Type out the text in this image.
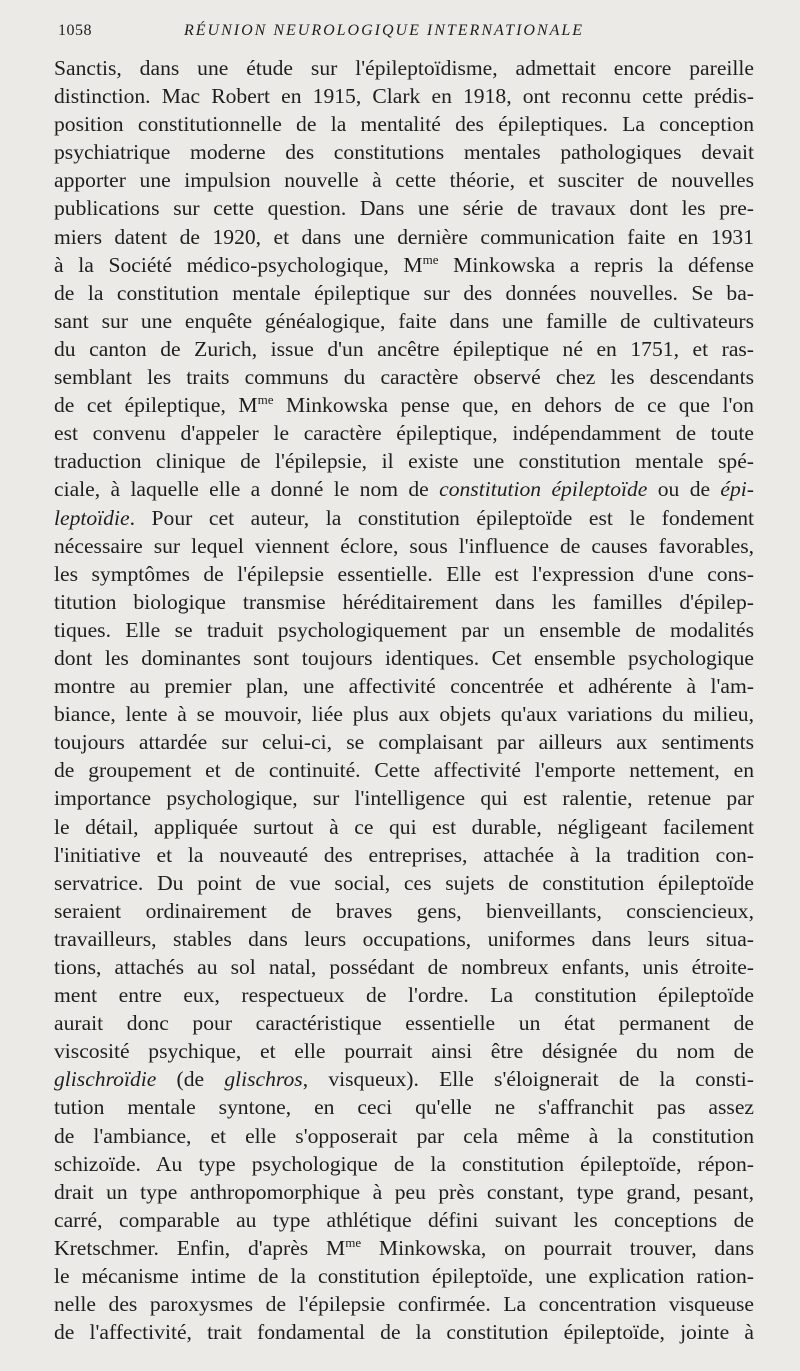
1058	RÉUNION NEUROLOGIQUE INTERNATIONALE
Sanctis, dans une étude sur l'épileptoïdisme, admettait encore pareille
distinction. Mac Robert en 1915, Clark en 1918, ont reconnu cette prédis-
position constitutionnelle de la mentalité des épileptiques. La conception
psychiatrique moderne des constitutions mentales pathologiques devait
apporter une impulsion nouvelle à cette théorie, et susciter de nouvelles
publications sur cette question. Dans une série de travaux dont les pre-
miers datent de 1920, et dans une dernière communication faite en 1931
à la Société médico-psychologique, $M^{me}$ Minkowska a repris la défense
de la constitution mentale épileptique sur des données nouvelles. Se ba-
sant sur une enquête généalogique, faite dans une famille de cultivateurs
du canton de Zurich, issue d'un ancêtre épileptique né en 1751, et ras-
semblant les traits communs du caractère observé chez les descendants
de cet épileptique, $M^{me}$ Minkowska pense que, en dehors de ce que l'on
est convenu d'appeler le caractère épileptique, indépendamment de toute
traduction clinique de l'épilepsie, il existe une constitution mentale spé-
ciale, à laquelle elle a donné le nom de constitution épileptoïde ou de épi-
leptoïdie. Pour cet auteur, la constitution épileptoïde est le fondement
nécessaire sur lequel viennent éclore, sous l'influence de causes favorables,
les symptômes de l'épilepsie essentielle. Elle est l'expression d'une cons-
titution biologique transmise héréditairement dans les familles d'épilep-
tiques. Elle se traduit psychologiquement par un ensemble de modalités
dont les dominantes sont toujours identiques. Cet ensemble psychologique
montre au premier plan, une affectivité concentrée et adhérente à l'am-
biance, lente à se mouvoir, liée plus aux objets qu'aux variations du milieu,
toujours attardée sur celui-ci, se complaisant par ailleurs aux sentiments
de groupement et de continuité. Cette affectivité l'emporte nettement, en
importance psychologique, sur l'intelligence qui est ralentie, retenue par
le détail, appliquée surtout à ce qui est durable, négligeant facilement
l'initiative et la nouveauté des entreprises, attachée à la tradition con-
servatrice. Du point de vue social, ces sujets de constitution épileptoïde
seraient ordinairement de braves gens, bienveillants, consciencieux,
travailleurs, stables dans leurs occupations, uniformes dans leurs situa-
tions, attachés au sol natal, possédant de nombreux enfants, unis étroite-
ment entre eux, respectueux de l'ordre. La constitution épileptoïde
aurait donc pour caractéristique essentielle un état permanent de
viscosité psychique, et elle pourrait ainsi être désignée du nom de
glischroïdie (de glischros, visqueux). Elle s'éloignerait de la consti-
tution mentale syntone, en ceci qu'elle ne s'affranchit pas assez
de l'ambiance, et elle s'opposerait par cela même à la constitution
schizoïde. Au type psychologique de la constitution épileptoïde, répon-
drait un type anthropomorphique à peu près constant, type grand, pesant,
carré, comparable au type athlétique défini suivant les conceptions de
Kretschmer. Enfin, d'après $M^{me}$ Minkowska, on pourrait trouver, dans
le mécanisme intime de la constitution épileptoïde, une explication ration-
nelle des paroxysmes de l'épilepsie confirmée. La concentration visqueuse
de l'affectivité, trait fondamental de la constitution épileptoïde, jointe à
